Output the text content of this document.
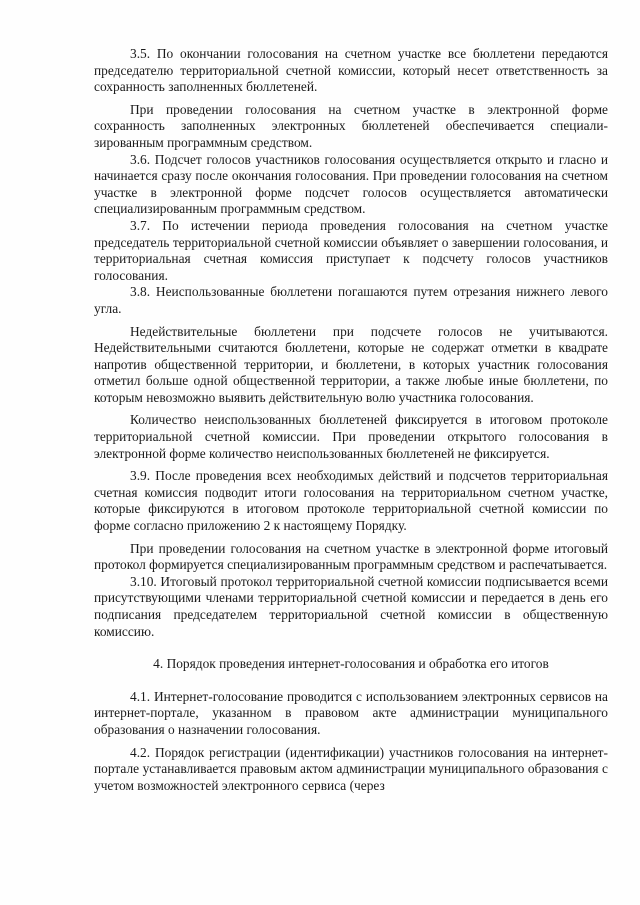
3.5. По окончании голосования на счетном участке все бюллетени передаются председателю территориальной счетной комиссии, который несет ответственность за сохранность заполненных бюллетеней.

При проведении голосования на счетном участке в электронной форме сохранность заполненных электронных бюллетеней обеспечивается специализированным программным средством.

3.6. Подсчет голосов участников голосования осуществляется открыто и гласно и начинается сразу после окончания голосования. При проведении голосования на счетном участке в электронной форме подсчет голосов осуществляется автоматически специализированным программным средством.

3.7. По истечении периода проведения голосования на счетном участке председатель территориальной счетной комиссии объявляет о завершении голосования, и территориальная счетная комиссия приступает к подсчету голосов участников голосования.

3.8. Неиспользованные бюллетени погашаются путем отрезания нижнего левого угла.

Недействительные бюллетени при подсчете голосов не учитываются. Недействительными считаются бюллетени, которые не содержат отметки в квадрате напротив общественной территории, и бюллетени, в которых участник голосования отметил больше одной общественной территории, а также любые иные бюллетени, по которым невозможно выявить действительную волю участника голосования.

Количество неиспользованных бюллетеней фиксируется в итоговом протоколе территориальной счетной комиссии. При проведении открытого голосования в электронной форме количество неиспользованных бюллетеней не фиксируется.

3.9. После проведения всех необходимых действий и подсчетов территориальная счетная комиссия подводит итоги голосования на территориальном счетном участке, которые фиксируются в итоговом протоколе территориальной счетной комиссии по форме согласно приложению 2 к настоящему Порядку.

При проведении голосования на счетном участке в электронной форме итоговый протокол формируется специализированным программным средством и распечатывается.

3.10. Итоговый протокол территориальной счетной комиссии подписывается всеми присутствующими членами территориальной счетной комиссии и передается в день его подписания председателем территориальной счетной комиссии в общественную комиссию.

4. Порядок проведения интернет-голосования и обработка его итогов

4.1. Интернет-голосование проводится с использованием электронных сервисов на интернет-портале, указанном в правовом акте администрации муниципального образования о назначении голосования.

4.2. Порядок регистрации (идентификации) участников голосования на интернет-портале устанавливается правовым актом администрации муниципального образования с учетом возможностей электронного сервиса (через
